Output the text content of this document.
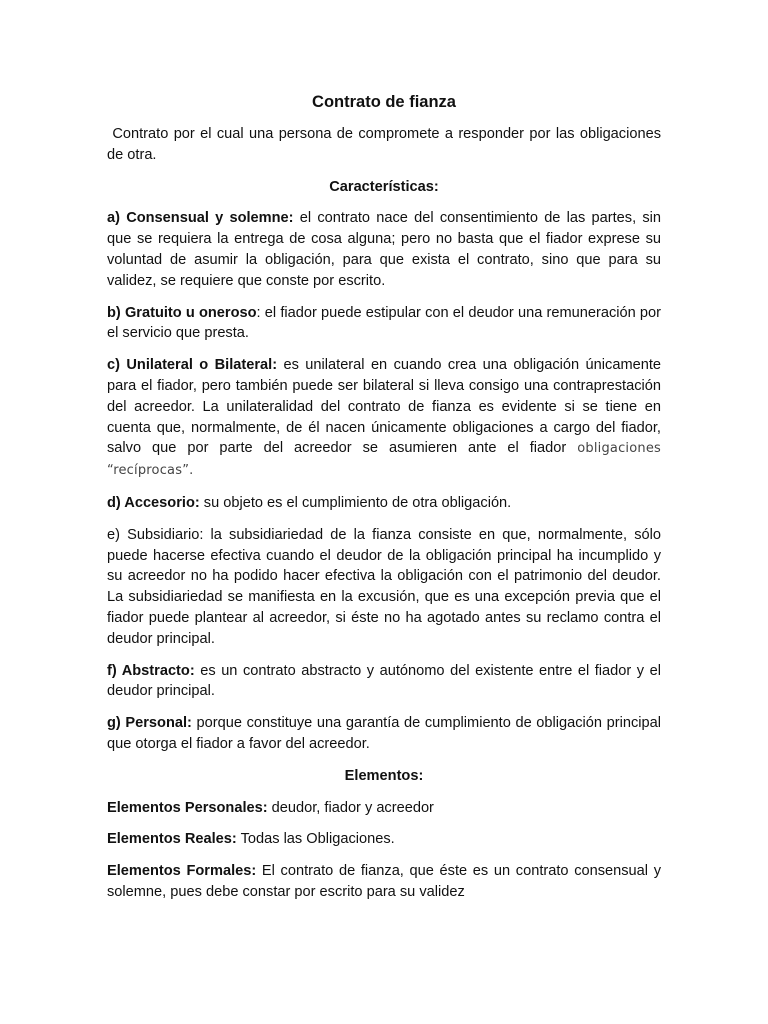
Contrato de fianza

Contrato por el cual una persona de compromete a responder por las obligaciones de otra.

Características:

a) Consensual y solemne: el contrato nace del consentimiento de las partes, sin que se requiera la entrega de cosa alguna; pero no basta que el fiador exprese su voluntad de asumir la obligación, para que exista el contrato, sino que para su validez, se requiere que conste por escrito.

b) Gratuito u oneroso: el fiador puede estipular con el deudor una remuneración por el servicio que presta.

c) Unilateral o Bilateral: es unilateral en cuando crea una obligación únicamente para el fiador, pero también puede ser bilateral si lleva consigo una contraprestación del acreedor. La unilateralidad del contrato de fianza es evidente si se tiene en cuenta que, normalmente, de él nacen únicamente obligaciones a cargo del fiador, salvo que por parte del acreedor se asumieren ante el fiador obligaciones “recíprocas”.

d) Accesorio: su objeto es el cumplimiento de otra obligación.

e) Subsidiario: la subsidiariedad de la fianza consiste en que, normalmente, sólo puede hacerse efectiva cuando el deudor de la obligación principal ha incumplido y su acreedor no ha podido hacer efectiva la obligación con el patrimonio del deudor. La subsidiariedad se manifiesta en la excusión, que es una excepción previa que el fiador puede plantear al acreedor, si éste no ha agotado antes su reclamo contra el deudor principal.

f) Abstracto: es un contrato abstracto y autónomo del existente entre el fiador y el deudor principal.

g) Personal: porque constituye una garantía de cumplimiento de obligación principal que otorga el fiador a favor del acreedor.

Elementos:

Elementos Personales: deudor, fiador y acreedor

Elementos Reales: Todas las Obligaciones.

Elementos Formales: El contrato de fianza, que éste es un contrato consensual y solemne, pues debe constar por escrito para su validez
